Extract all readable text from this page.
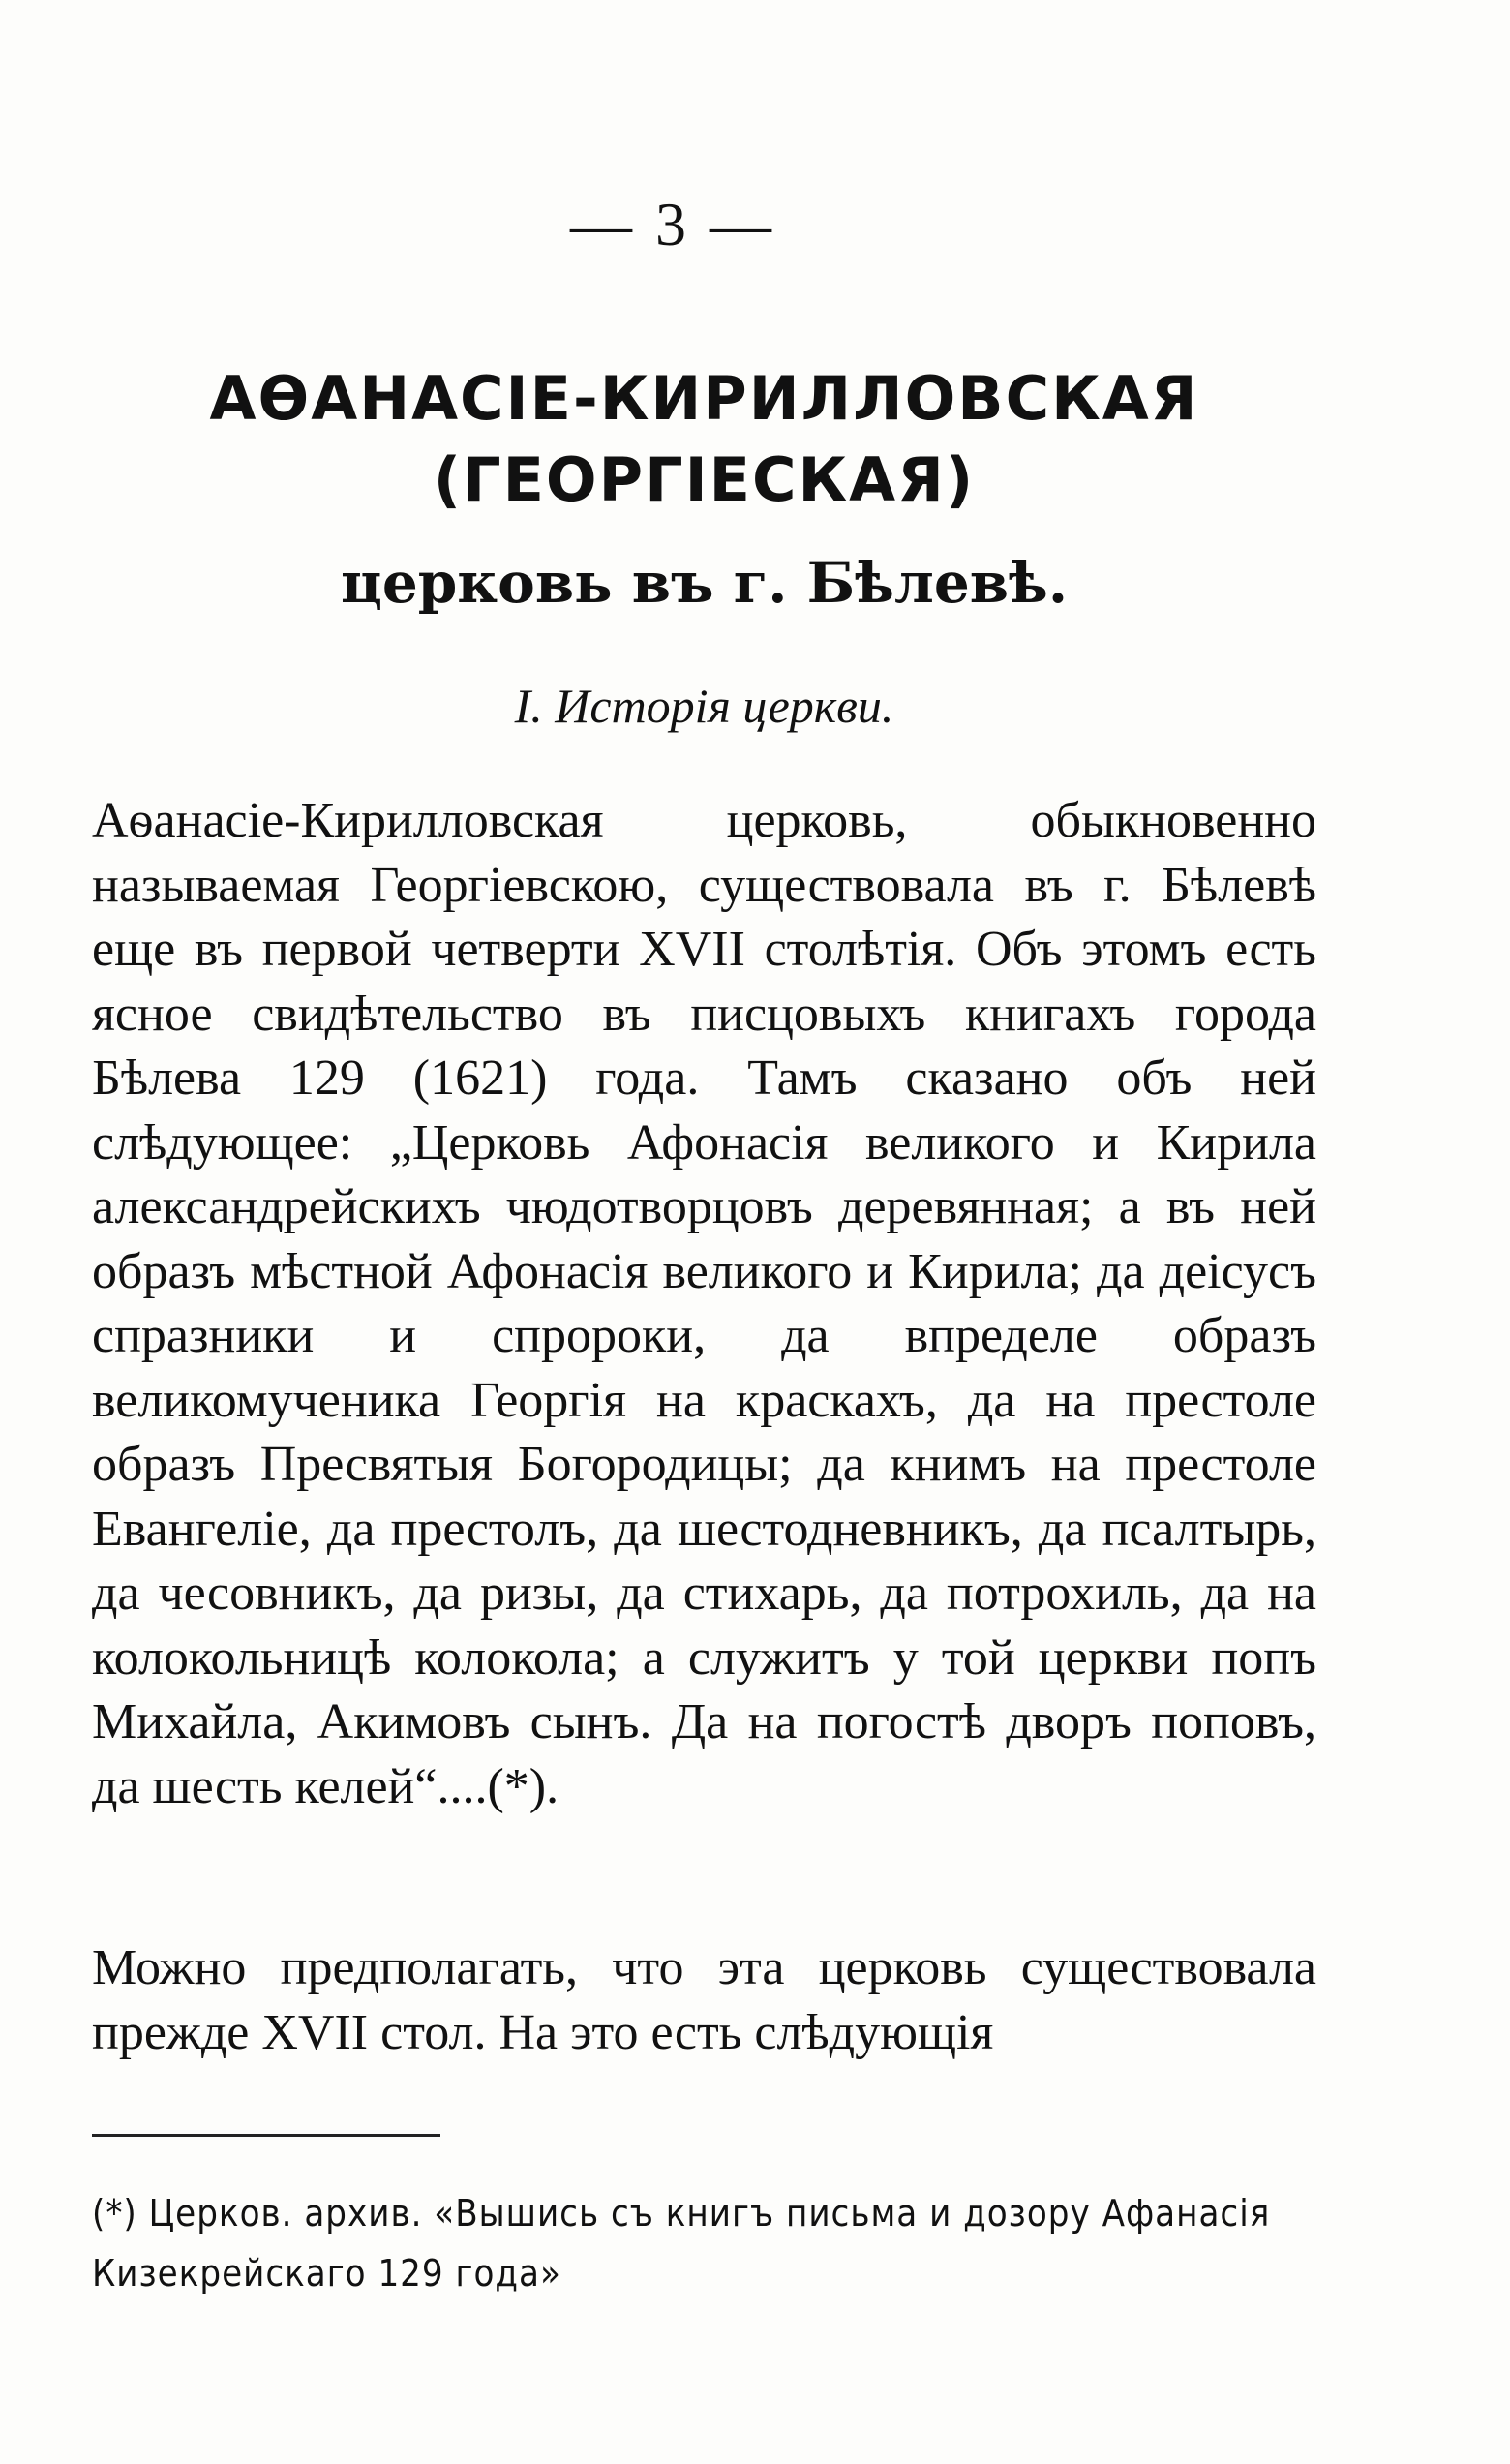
— 3 —
АѲАНАСІЕ-КИРИЛЛОВСКАЯ (ГЕОРГІЕСКАЯ)
церковь въ г. Бѣлевѣ.
I. Исторія церкви.

Аѳанасіе-Кирилловская церковь, обыкновенно называемая Георгіевскою, существовала въ г. Бѣлевѣ еще въ первой четверти XVII столѣтія. Объ этомъ есть ясное свидѣтельство въ писцовыхъ книгахъ города Бѣлева 129 (1621) года. Тамъ сказано объ ней слѣдующее: „Церковь Афонасія великого и Кирила александрейскихъ чюдотворцовъ деревянная; а въ ней образъ мѣстной Афонасія великого и Кирила; да деісусъ спразники и спророки, да впределе образъ великомученика Георгія на краскахъ, да на престоле образъ Пресвятыя Богородицы; да книмъ на престоле Евангеліе, да престолъ, да шестодневникъ, да псалтырь, да чесовникъ, да ризы, да стихарь, да потрохиль, да на колокольницѣ колокола; а служитъ у той церкви попъ Михайла, Акимовъ сынъ. Да на погостѣ дворъ поповъ, да шесть келей“....(*).

Можно предполагать, что эта церковь существовала прежде XVII стол. На это есть слѣдующія

(*) Церков. архив. «Вышись съ книгъ письма и дозору Афанасія Кизекрейскаго 129 года»
